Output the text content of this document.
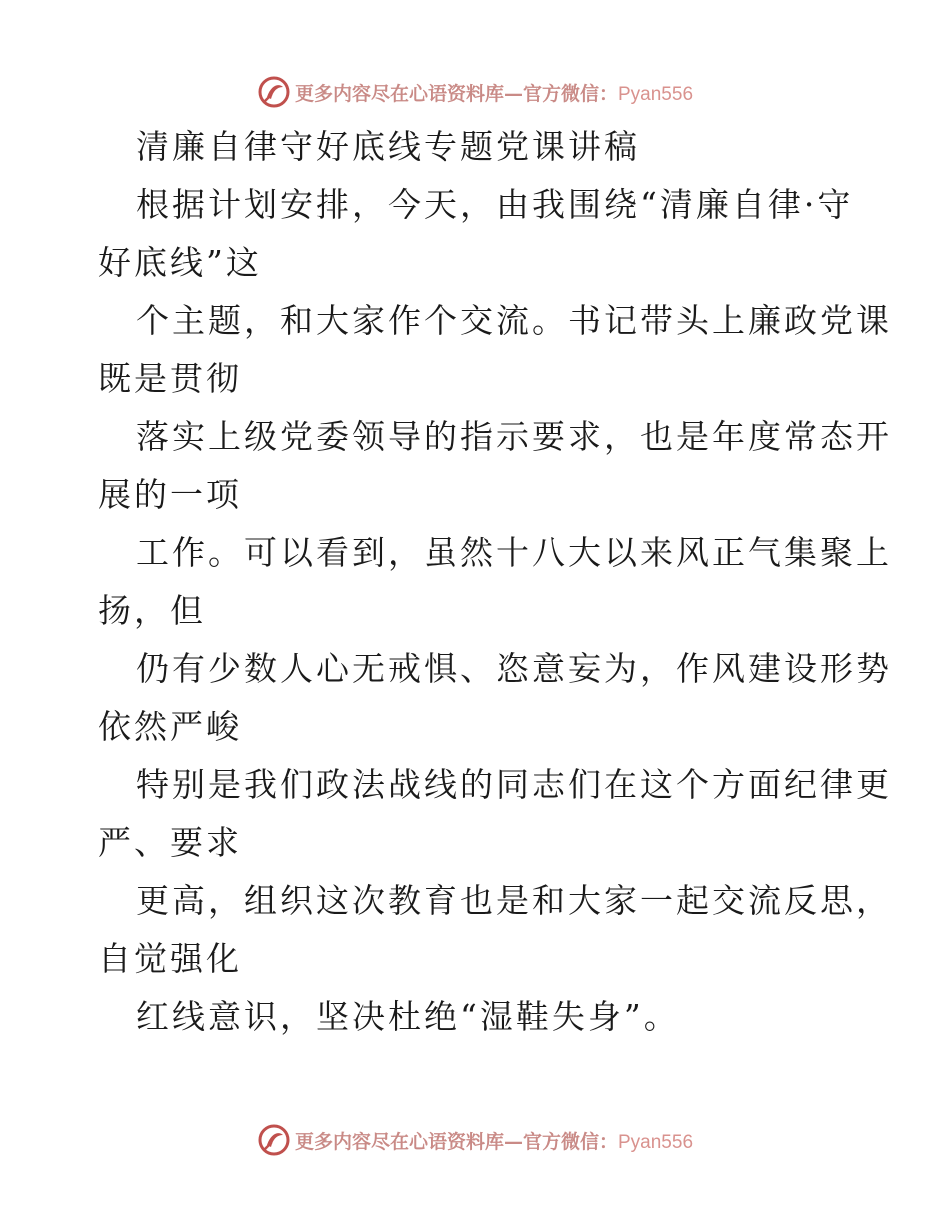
更多内容尽在心语资料库—官方微信：Pyan556
清廉自律守好底线专题党课讲稿
根据计划安排，今天，由我围绕“清廉自律·守
好底线”这
个主题，和大家作个交流。书记带头上廉政党课
既是贯彻
落实上级党委领导的指示要求，也是年度常态开
展的一项
工作。可以看到，虽然十八大以来风正气集聚上
扬，但
仍有少数人心无戒惧、恣意妄为，作风建设形势
依然严峻
特别是我们政法战线的同志们在这个方面纪律更
严、要求
更高，组织这次教育也是和大家一起交流反思，
自觉强化
红线意识，坚决杜绝“湿鞋失身”。
更多内容尽在心语资料库—官方微信：Pyan556
